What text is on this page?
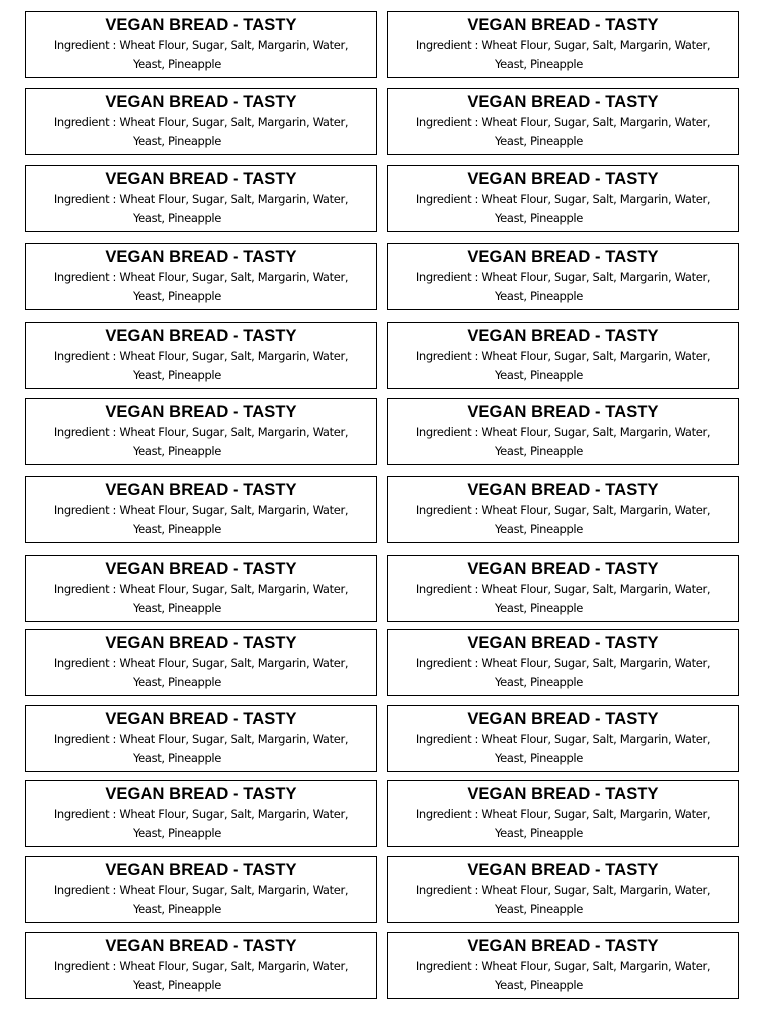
VEGAN BREAD - TASTY
Ingredient : Wheat Flour, Sugar, Salt, Margarin, Water,
Yeast, Pineapple
VEGAN BREAD - TASTY
Ingredient : Wheat Flour, Sugar, Salt, Margarin, Water,
Yeast, Pineapple
VEGAN BREAD - TASTY
Ingredient : Wheat Flour, Sugar, Salt, Margarin, Water,
Yeast, Pineapple
VEGAN BREAD - TASTY
Ingredient : Wheat Flour, Sugar, Salt, Margarin, Water,
Yeast, Pineapple
VEGAN BREAD - TASTY
Ingredient : Wheat Flour, Sugar, Salt, Margarin, Water,
Yeast, Pineapple
VEGAN BREAD - TASTY
Ingredient : Wheat Flour, Sugar, Salt, Margarin, Water,
Yeast, Pineapple
VEGAN BREAD - TASTY
Ingredient : Wheat Flour, Sugar, Salt, Margarin, Water,
Yeast, Pineapple
VEGAN BREAD - TASTY
Ingredient : Wheat Flour, Sugar, Salt, Margarin, Water,
Yeast, Pineapple
VEGAN BREAD - TASTY
Ingredient : Wheat Flour, Sugar, Salt, Margarin, Water,
Yeast, Pineapple
VEGAN BREAD - TASTY
Ingredient : Wheat Flour, Sugar, Salt, Margarin, Water,
Yeast, Pineapple
VEGAN BREAD - TASTY
Ingredient : Wheat Flour, Sugar, Salt, Margarin, Water,
Yeast, Pineapple
VEGAN BREAD - TASTY
Ingredient : Wheat Flour, Sugar, Salt, Margarin, Water,
Yeast, Pineapple
VEGAN BREAD - TASTY
Ingredient : Wheat Flour, Sugar, Salt, Margarin, Water,
Yeast, Pineapple
VEGAN BREAD - TASTY
Ingredient : Wheat Flour, Sugar, Salt, Margarin, Water,
Yeast, Pineapple
VEGAN BREAD - TASTY
Ingredient : Wheat Flour, Sugar, Salt, Margarin, Water,
Yeast, Pineapple
VEGAN BREAD - TASTY
Ingredient : Wheat Flour, Sugar, Salt, Margarin, Water,
Yeast, Pineapple
VEGAN BREAD - TASTY
Ingredient : Wheat Flour, Sugar, Salt, Margarin, Water,
Yeast, Pineapple
VEGAN BREAD - TASTY
Ingredient : Wheat Flour, Sugar, Salt, Margarin, Water,
Yeast, Pineapple
VEGAN BREAD - TASTY
Ingredient : Wheat Flour, Sugar, Salt, Margarin, Water,
Yeast, Pineapple
VEGAN BREAD - TASTY
Ingredient : Wheat Flour, Sugar, Salt, Margarin, Water,
Yeast, Pineapple
VEGAN BREAD - TASTY
Ingredient : Wheat Flour, Sugar, Salt, Margarin, Water,
Yeast, Pineapple
VEGAN BREAD - TASTY
Ingredient : Wheat Flour, Sugar, Salt, Margarin, Water,
Yeast, Pineapple
VEGAN BREAD - TASTY
Ingredient : Wheat Flour, Sugar, Salt, Margarin, Water,
Yeast, Pineapple
VEGAN BREAD - TASTY
Ingredient : Wheat Flour, Sugar, Salt, Margarin, Water,
Yeast, Pineapple
VEGAN BREAD - TASTY
Ingredient : Wheat Flour, Sugar, Salt, Margarin, Water,
Yeast, Pineapple
VEGAN BREAD - TASTY
Ingredient : Wheat Flour, Sugar, Salt, Margarin, Water,
Yeast, Pineapple
